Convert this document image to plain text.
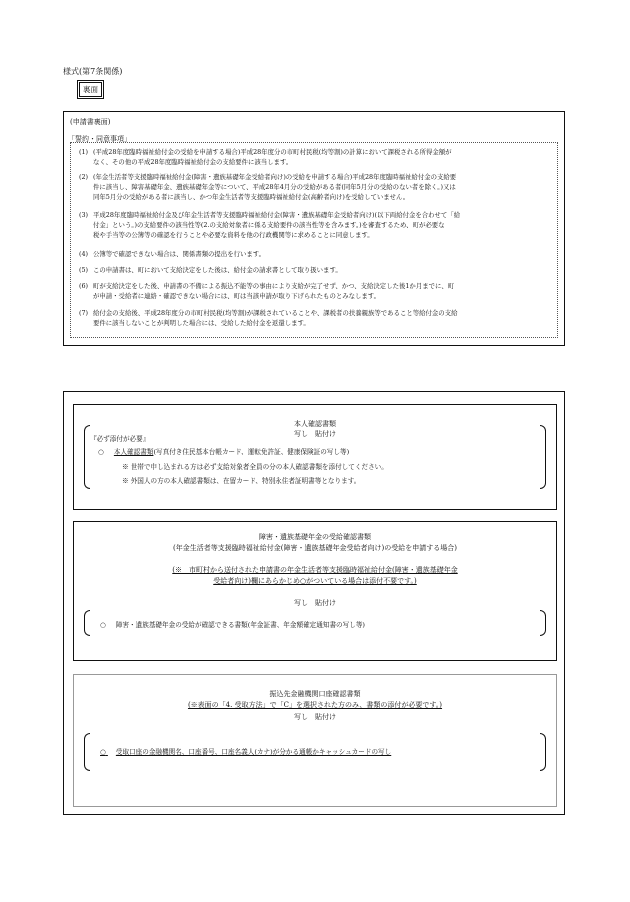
様式(第7条関係)
裏面
(申請書裏面)
「誓約・同意事項」
(1) (平成28年度臨時福祉給付金の受給を申請する場合)平成28年度分の市町村民税(均等割)の計算において課税される所得金額が
なく、その他の平成28年度臨時福祉給付金の支給要件に該当します。
(2) (年金生活者等支援臨時福祉給付金(障害・遺族基礎年金受給者向け)の受給を申請する場合)平成28年度臨時福祉給付金の支給要
件に該当し、障害基礎年金、遺族基礎年金等について、平成28年4月分の受給がある者(同年5月分の受給のない者を除く。)又は
同年5月分の受給がある者に該当し、かつ年金生活者等支援臨時福祉給付金(高齢者向け)を受給していません。
(3) 平成28年度臨時福祉給付金及び年金生活者等支援臨時福祉給付金(障害・遺族基礎年金受給者向け)(以下両給付金を合わせて「給
付金」という。)の支給要件の該当性等(2.の支給対象者に係る支給要件の該当性等を含みます。)を審査するため、町が必要な
税や手当等の公簿等の確認を行うことや必要な資料を他の行政機関等に求めることに同意します。
(4) 公簿等で確認できない場合は、関係書類の提出を行います。
(5) この申請書は、町において支給決定をした後は、給付金の請求書として取り扱います。
(6) 町が支給決定をした後、申請書の不備による振込不能等の事由により支給が完了せず、かつ、支給決定した後1か月までに、町
が申請・受給者に連絡・確認できない場合には、町は当該申請が取り下げられたものとみなします。
(7) 給付金の支給後、平成28年度分の市町村民税(均等割)が課税されていることや、課税者の扶養親族等であること等給付金の支給
要件に該当しないことが判明した場合には、受給した給付金を返還します。
本人確認書類
写し　貼付け
『必ず添付が必要』
○ 本人確認書類(写真付き住民基本台帳カード、運転免許証、健康保険証の写し等)
※ 世帯で申し込まれる方は必ず支給対象者全員の分の本人確認書類を添付してください。
※ 外国人の方の本人確認書類は、在留カード、特別永住者証明書等となります。
障害・遺族基礎年金の受給確認書類
(年金生活者等支援臨時福祉給付金(障害・遺族基礎年金受給者向け)の受給を申請する場合)
(※　市町村から送付された申請書の年金生活者等支援臨時福祉給付金(障害・遺族基礎年金
受給者向け)欄にあらかじめ○がついている場合は添付不要です。)
写し　貼付け
○ 障害・遺族基礎年金の受給が確認できる書類(年金証書、年金額確定通知書の写し等)
振込先金融機関口座確認書類
(※表面の「4. 受取方法」で「C」を選択された方のみ、書類の添付が必要です。)
写し　貼付け
○ 受取口座の金融機関名、口座番号、口座名義人(カナ)が分かる通帳かキャッシュカードの写し
